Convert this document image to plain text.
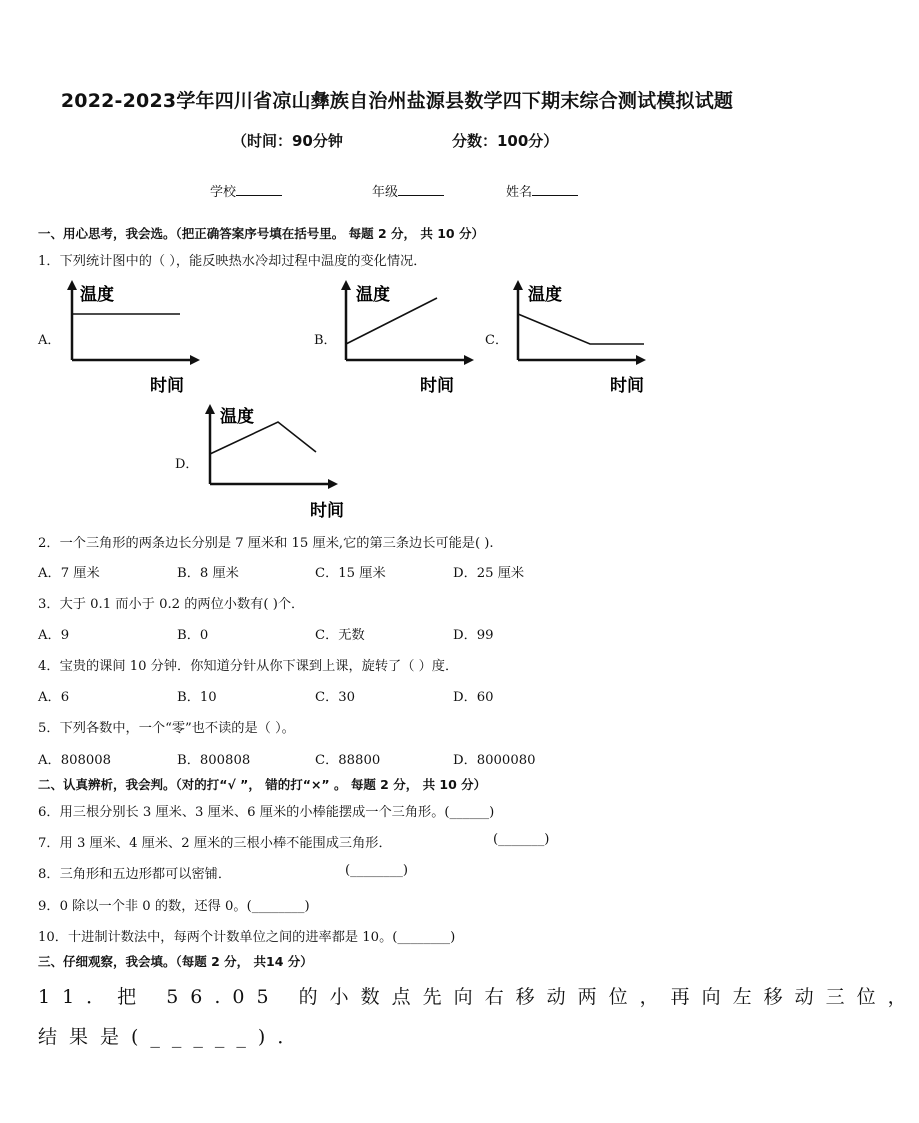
2022-2023学年四川省凉山彝族自治州盐源县数学四下期末综合测试模拟试题
（时间：90分钟	分数：100分）
学校	年级	姓名
一、用心思考，我会选。（把正确答案序号填在括号里。 每题 2 分， 共 10 分）
1．下列统计图中的（ ），能反映热水冷却过程中温度的变化情况．
A．
温度
时间
B．
温度
时间
C．
温度
时间
D．
温度
时间
2．一个三角形的两条边长分别是 7 厘米和 15 厘米,它的第三条边长可能是( ).
A．7 厘米	B．8 厘米	C．15 厘米	D．25 厘米
3．大于 0.1 而小于 0.2 的两位小数有( )个．
A．9	B．0	C．无数	D．99
4．宝贵的课间 10 分钟．你知道分针从你下课到上课，旋转了（ ）度．
A．6	B．10	C．30	D．60
5．下列各数中，一个“零”也不读的是（ ）。
A．808008	B．800808	C．88800	D．8000080
二、认真辨析，我会判。（对的打“√ ”， 错的打“×” 。 每题 2 分， 共 10 分）
6．用三根分别长 3 厘米、3 厘米、6 厘米的小棒能摆成一个三角形。(______)
7．用 3 厘米、4 厘米、2 厘米的三根小棒不能围成三角形．	(_______)
8．三角形和五边形都可以密铺．	(________)
9．0 除以一个非 0 的数，还得 0。(________)
10．十进制计数法中，每两个计数单位之间的进率都是 10。(________)
三、仔细观察，我会填。（每题 2 分， 共14 分）
11．把 56.05 的小数点先向右移动两位，再向左移动三位，
结果是(_____)．
